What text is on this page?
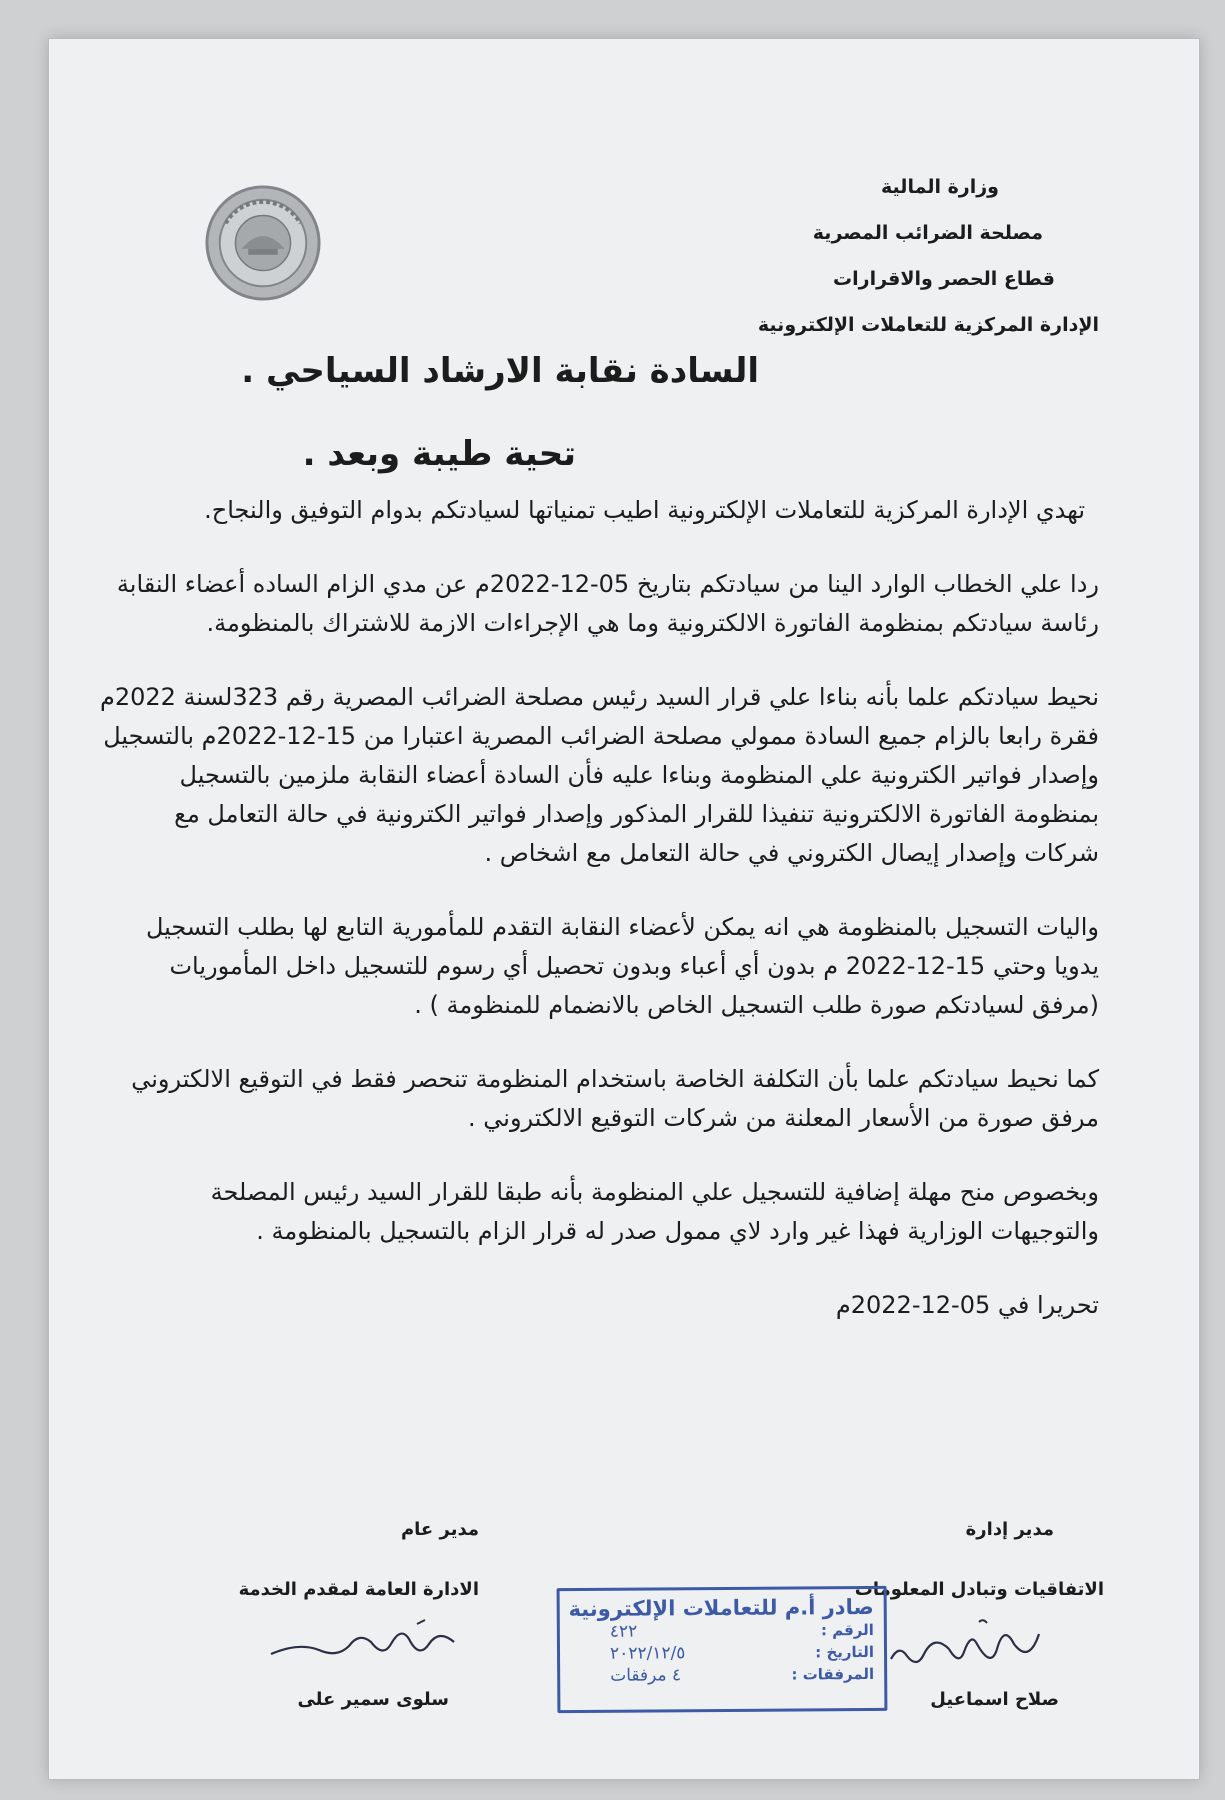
وزارة المالية
مصلحة الضرائب المصرية
قطاع الحصر والاقرارات
الإدارة المركزية للتعاملات الإلكترونية
السادة نقابة الارشاد السياحي .
تحية طيبة وبعد .

تهدي الإدارة المركزية للتعاملات الإلكترونية اطيب تمنياتها لسيادتكم بدوام التوفيق والنجاح.

ردا علي الخطاب الوارد الينا من سيادتكم بتاريخ 05-12-2022م عن مدي الزام الساده أعضاء النقابة رئاسة سيادتكم بمنظومة الفاتورة الالكترونية وما هي الإجراءات الازمة للاشتراك بالمنظومة.

نحيط سيادتكم علما بأنه بناءا علي قرار السيد رئيس مصلحة الضرائب المصرية رقم 323لسنة 2022م فقرة رابعا بالزام جميع السادة ممولي مصلحة الضرائب المصرية اعتبارا من 15-12-2022م بالتسجيل وإصدار فواتير الكترونية علي المنظومة وبناءا عليه فأن السادة أعضاء النقابة ملزمين بالتسجيل بمنظومة الفاتورة الالكترونية تنفيذا للقرار المذكور وإصدار فواتير الكترونية في حالة التعامل مع شركات وإصدار إيصال الكتروني في حالة التعامل مع اشخاص .

واليات التسجيل بالمنظومة هي انه يمكن لأعضاء النقابة التقدم للمأمورية التابع لها بطلب التسجيل يدويا وحتي 15-12-2022 م بدون أي أعباء وبدون تحصيل أي رسوم للتسجيل داخل المأموريات (مرفق لسيادتكم صورة طلب التسجيل الخاص بالانضمام للمنظومة ) .

كما نحيط سيادتكم علما بأن التكلفة الخاصة باستخدام المنظومة تنحصر فقط في التوقيع الالكتروني مرفق صورة من الأسعار المعلنة من شركات التوقيع الالكتروني .

وبخصوص منح مهلة إضافية للتسجيل علي المنظومة بأنه طبقا للقرار السيد رئيس المصلحة والتوجيهات الوزارية فهذا غير وارد لاي ممول صدر له قرار الزام بالتسجيل بالمنظومة .

تحريرا في 05-12-2022م

مدير إدارة
الاتفاقيات وتبادل المعلومات
صلاح اسماعيل
مدير عام
الادارة العامة لمقدم الخدمة
سلوى سمير على
صادر أ.م للتعاملات الإلكترونية
الرقم :
٤٢٢
التاريخ :
٢٠٢٢/١٢/٥
المرفقات :
٤ مرفقات
